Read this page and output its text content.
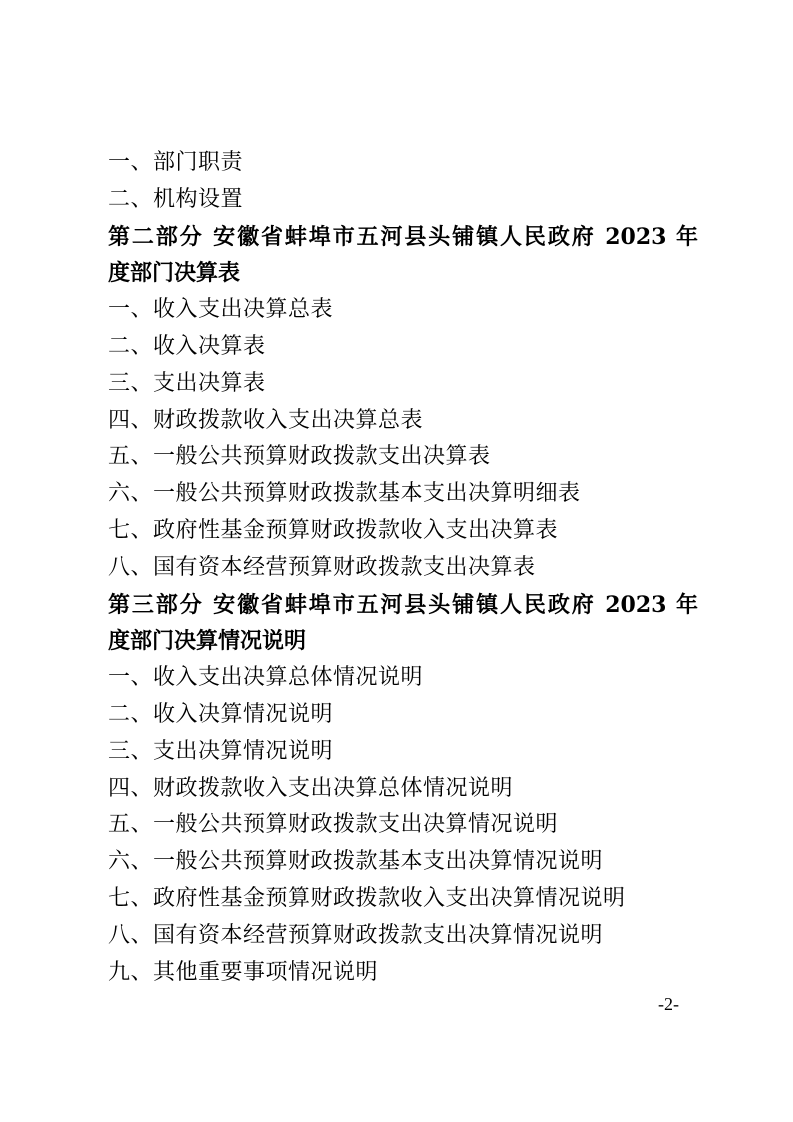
一、部门职责
二、机构设置
第二部分 安徽省蚌埠市五河县头铺镇人民政府 2023 年
度部门决算表
一、收入支出决算总表
二、收入决算表
三、支出决算表
四、财政拨款收入支出决算总表
五、一般公共预算财政拨款支出决算表
六、一般公共预算财政拨款基本支出决算明细表
七、政府性基金预算财政拨款收入支出决算表
八、国有资本经营预算财政拨款支出决算表
第三部分 安徽省蚌埠市五河县头铺镇人民政府 2023 年
度部门决算情况说明
一、收入支出决算总体情况说明
二、收入决算情况说明
三、支出决算情况说明
四、财政拨款收入支出决算总体情况说明
五、一般公共预算财政拨款支出决算情况说明
六、一般公共预算财政拨款基本支出决算情况说明
七、政府性基金预算财政拨款收入支出决算情况说明
八、国有资本经营预算财政拨款支出决算情况说明
九、其他重要事项情况说明
-2-
